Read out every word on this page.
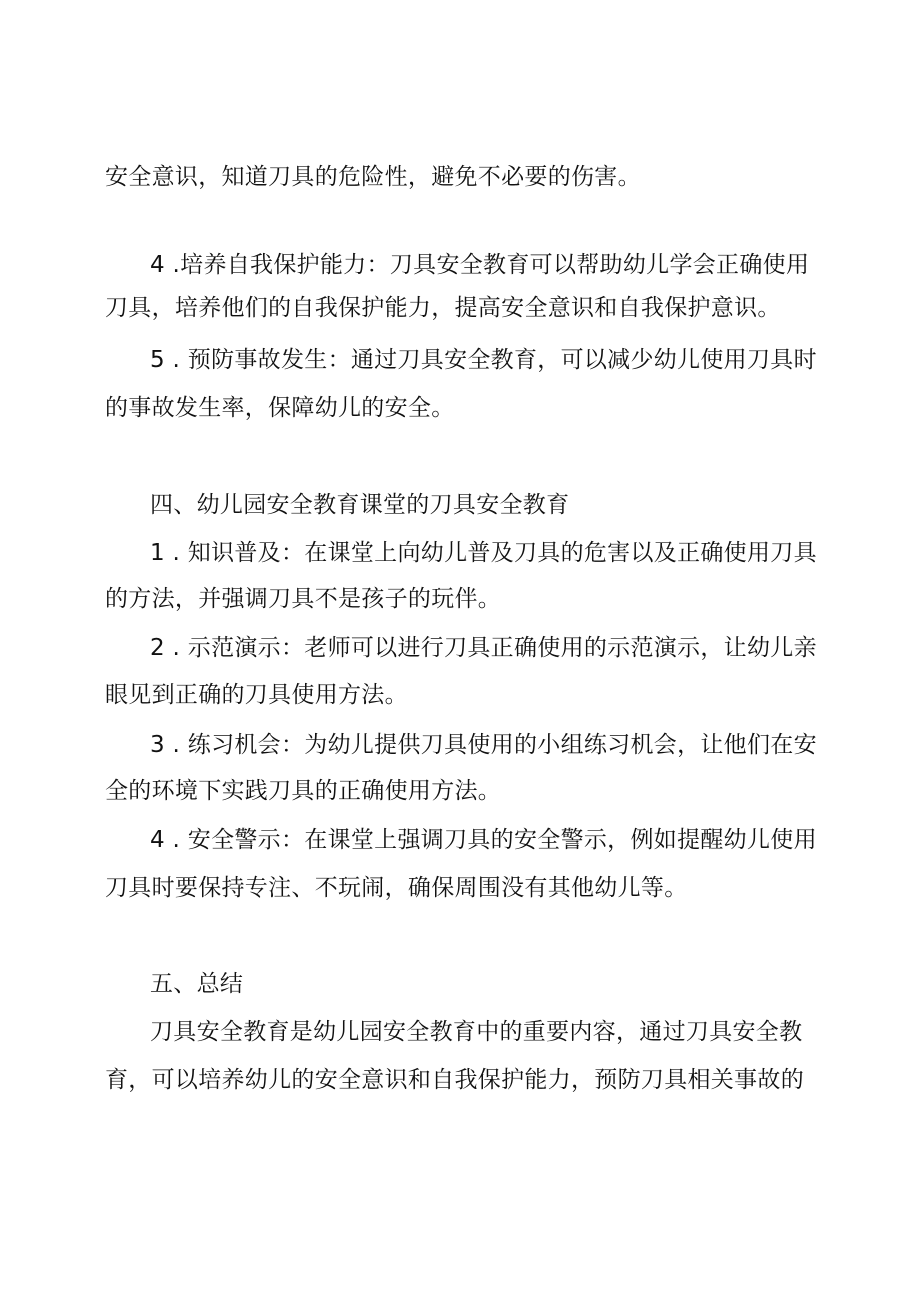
安全意识，知道刀具的危险性，避免不必要的伤害。
4 .培养自我保护能力：刀具安全教育可以帮助幼儿学会正确使用
刀具，培养他们的自我保护能力，提高安全意识和自我保护意识。
5 . 预防事故发生：通过刀具安全教育，可以减少幼儿使用刀具时
的事故发生率，保障幼儿的安全。
四、幼儿园安全教育课堂的刀具安全教育
1 . 知识普及：在课堂上向幼儿普及刀具的危害以及正确使用刀具
的方法，并强调刀具不是孩子的玩伴。
2 . 示范演示：老师可以进行刀具正确使用的示范演示，让幼儿亲
眼见到正确的刀具使用方法。
3 . 练习机会：为幼儿提供刀具使用的小组练习机会，让他们在安
全的环境下实践刀具的正确使用方法。
4 . 安全警示：在课堂上强调刀具的安全警示，例如提醒幼儿使用
刀具时要保持专注、不玩闹，确保周围没有其他幼儿等。
五、总结
刀具安全教育是幼儿园安全教育中的重要内容，通过刀具安全教
育，可以培养幼儿的安全意识和自我保护能力，预防刀具相关事故的
